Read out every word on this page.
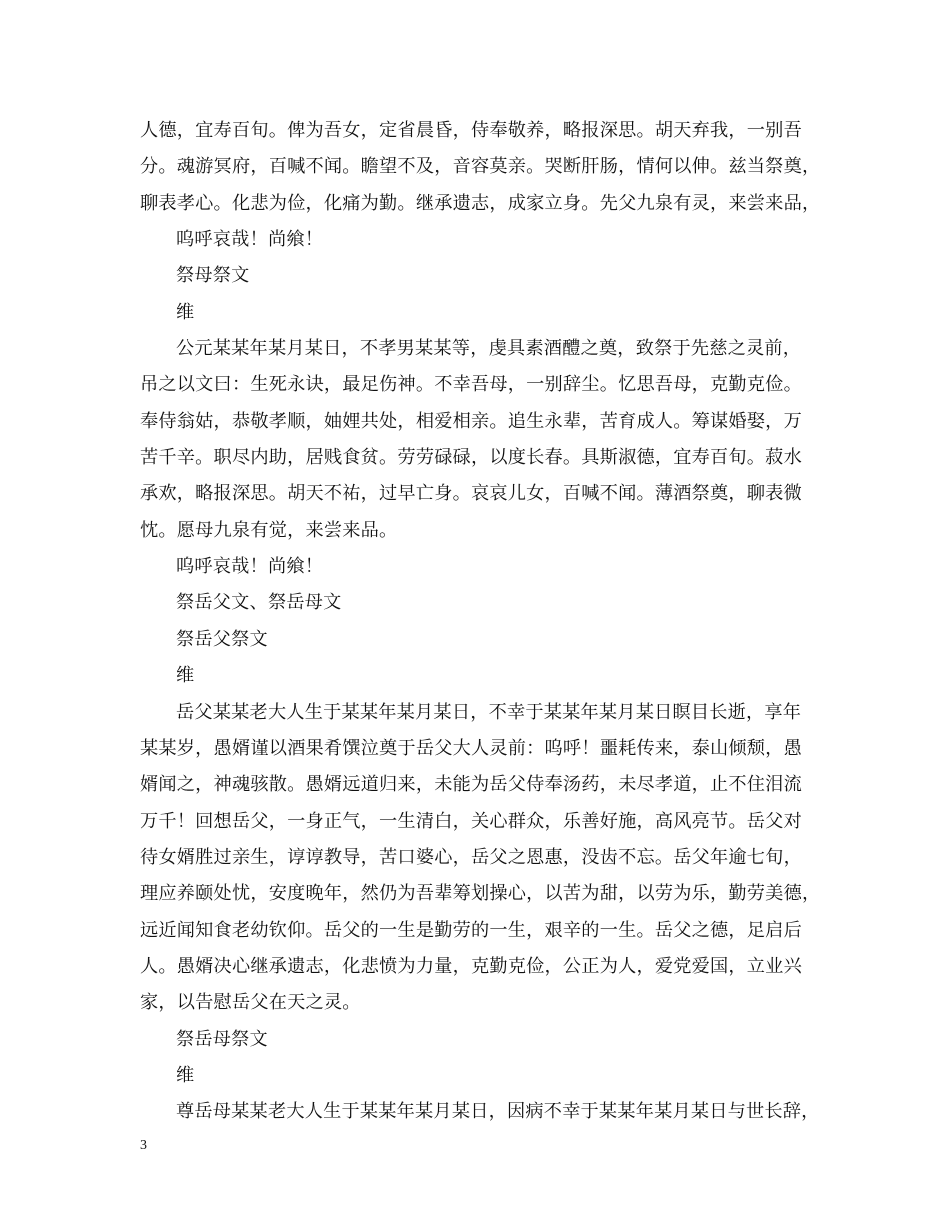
人德，宜寿百旬。俾为吾女，定省晨昏，侍奉敬养，略报深思。胡天弃我，一别吾
分。魂游冥府，百喊不闻。瞻望不及，音容莫亲。哭断肝肠，情何以伸。兹当祭奠，
聊表孝心。化悲为俭，化痛为勤。继承遗志，成家立身。先父九泉有灵，来尝来品，
呜呼哀哉！尚飨！
祭母祭文
维
公元某某年某月某日，不孝男某某等，虔具素酒醴之奠，致祭于先慈之灵前，
吊之以文曰：生死永诀，最足伤神。不幸吾母，一别辞尘。忆思吾母，克勤克俭。
奉侍翁姑，恭敬孝顺，妯娌共处，相爱相亲。追生永辈，苦育成人。筹谋婚娶，万
苦千辛。职尽内助，居贱食贫。劳劳碌碌，以度长春。具斯淑德，宜寿百旬。菽水
承欢，略报深思。胡天不祐，过早亡身。哀哀儿女，百喊不闻。薄酒祭奠，聊表微
忱。愿母九泉有觉，来尝来品。
呜呼哀哉！尚飨！
祭岳父文、祭岳母文
祭岳父祭文
维
岳父某某老大人生于某某年某月某日，不幸于某某年某月某日瞑目长逝，享年
某某岁，愚婿谨以酒果肴馔泣奠于岳父大人灵前：呜呼！噩耗传来，泰山倾颓，愚
婿闻之，神魂骇散。愚婿远道归来，未能为岳父侍奉汤药，未尽孝道，止不住泪流
万千！回想岳父，一身正气，一生清白，关心群众，乐善好施，高风亮节。岳父对
待女婿胜过亲生，谆谆教导，苦口婆心，岳父之恩惠，没齿不忘。岳父年逾七旬，
理应养颐处忧，安度晚年，然仍为吾辈筹划操心，以苦为甜，以劳为乐，勤劳美德，
远近闻知食老幼钦仰。岳父的一生是勤劳的一生，艰辛的一生。岳父之德，足启后
人。愚婿决心继承遗志，化悲愤为力量，克勤克俭，公正为人，爱党爱国，立业兴
家，以告慰岳父在天之灵。
祭岳母祭文
维
尊岳母某某老大人生于某某年某月某日，因病不幸于某某年某月某日与世长辞，
3
